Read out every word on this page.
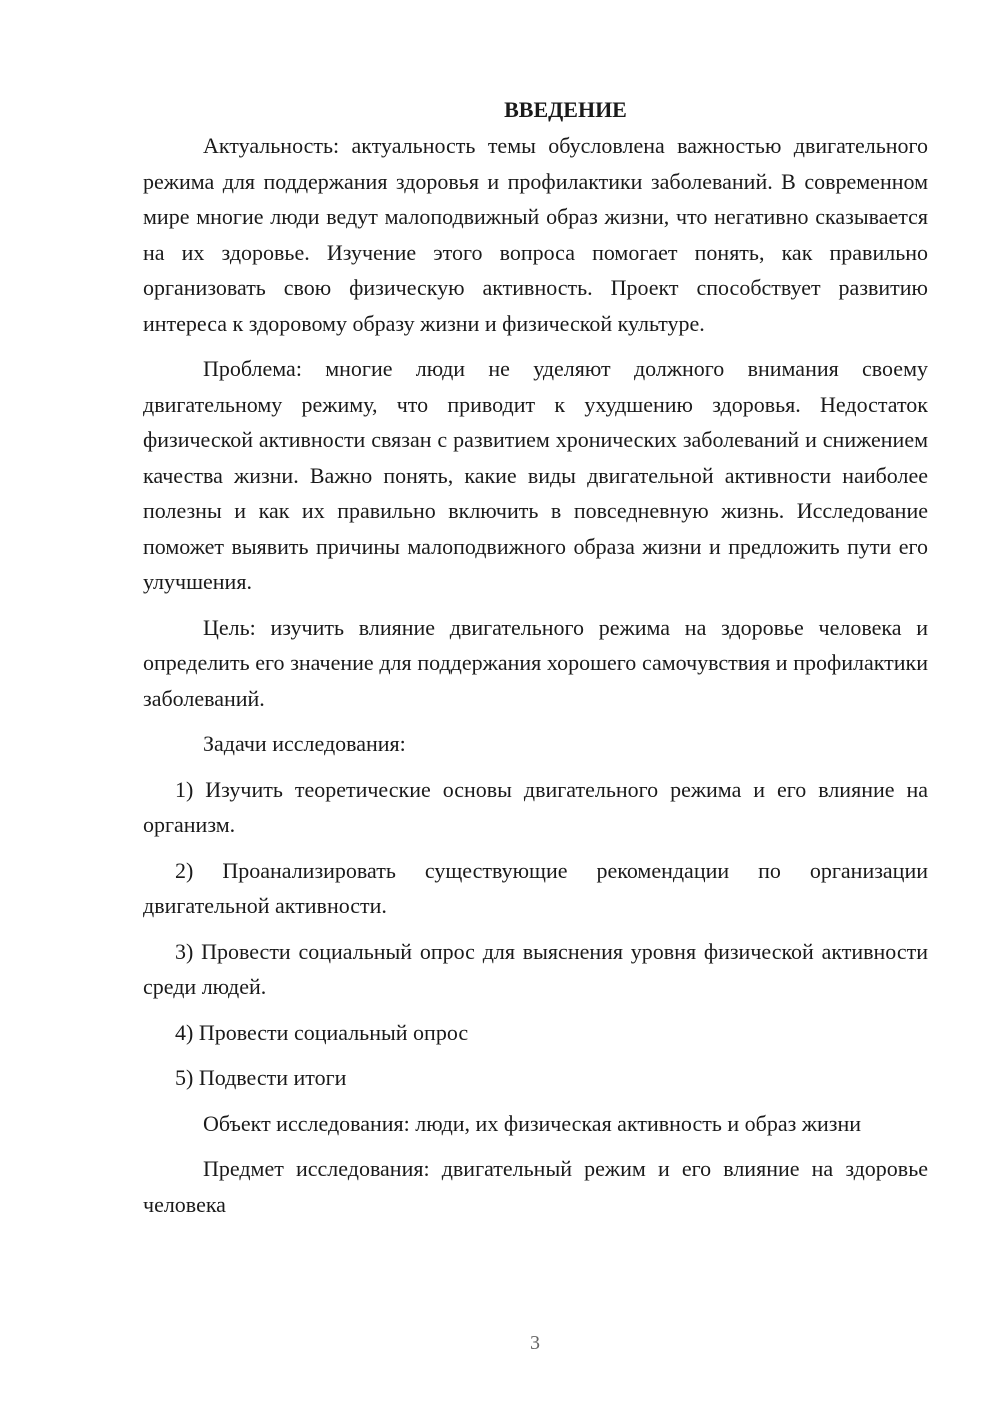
ВВЕДЕНИЕ

Актуальность: актуальность темы обусловлена важностью двигательного режима для поддержания здоровья и профилактики заболеваний. В современном мире многие люди ведут малоподвижный образ жизни, что негативно сказывается на их здоровье. Изучение этого вопроса помогает понять, как правильно организовать свою физическую активность. Проект способствует развитию интереса к здоровому образу жизни и физической культуре.

Проблема: многие люди не уделяют должного внимания своему двигательному режиму, что приводит к ухудшению здоровья. Недостаток физической активности связан с развитием хронических заболеваний и снижением качества жизни. Важно понять, какие виды двигательной активности наиболее полезны и как их правильно включить в повседневную жизнь. Исследование поможет выявить причины малоподвижного образа жизни и предложить пути его улучшения.

Цель: изучить влияние двигательного режима на здоровье человека и определить его значение для поддержания хорошего самочувствия и профилактики заболеваний.

Задачи исследования:

1) Изучить теоретические основы двигательного режима и его влияние на организм.

2) Проанализировать существующие рекомендации по организации двигательной активности.

3) Провести социальный опрос для выяснения уровня физической активности среди людей.

4) Провести социальный опрос

5) Подвести итоги

Объект исследования: люди, их физическая активность и образ жизни

Предмет исследования: двигательный режим и его влияние на здоровье человека

3
